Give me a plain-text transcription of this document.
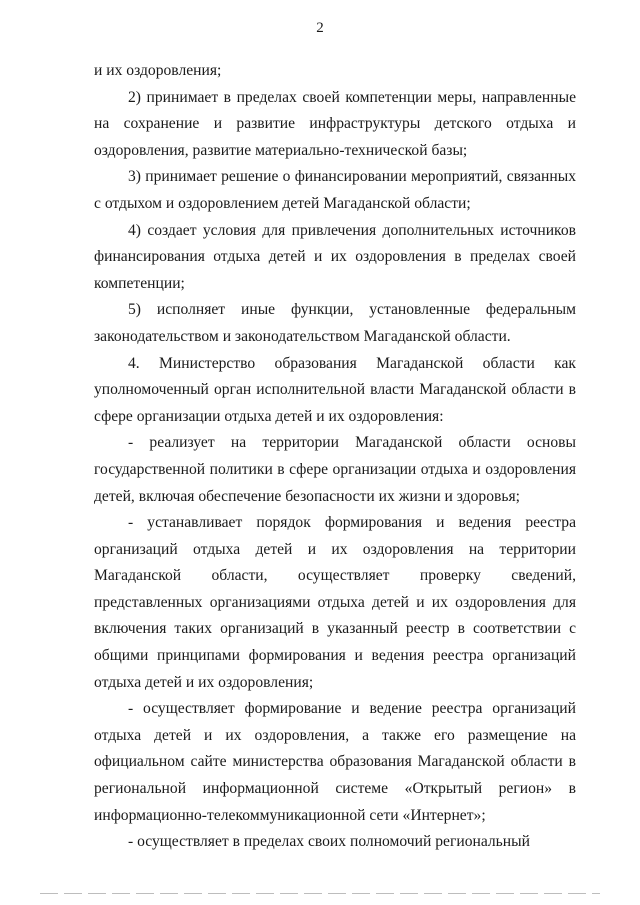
2

и их оздоровления;

2) принимает в пределах своей компетенции меры, направленные на сохранение и развитие инфраструктуры детского отдыха и оздоровления, развитие материально-технической базы;

3) принимает решение о финансировании мероприятий, связанных с отдыхом и оздоровлением детей Магаданской области;

4) создает условия для привлечения дополнительных источников финансирования отдыха детей и их оздоровления в пределах своей компетенции;

5) исполняет иные функции, установленные федеральным законодательством и законодательством Магаданской области.

4. Министерство образования Магаданской области как уполномоченный орган исполнительной власти Магаданской области в сфере организации отдыха детей и их оздоровления:

- реализует на территории Магаданской области основы государственной политики в сфере организации отдыха и оздоровления детей, включая обеспечение безопасности их жизни и здоровья;

- устанавливает порядок формирования и ведения реестра организаций отдыха детей и их оздоровления на территории Магаданской области, осуществляет проверку сведений, представленных организациями отдыха детей и их оздоровления для включения таких организаций в указанный реестр в соответствии с общими принципами формирования и ведения реестра организаций отдыха детей и их оздоровления;

- осуществляет формирование и ведение реестра организаций отдыха детей и их оздоровления, а также его размещение на официальном сайте министерства образования Магаданской области в региональной информационной системе «Открытый регион» в информационно-телекоммуникационной сети «Интернет»;

- осуществляет в пределах своих полномочий региональный
